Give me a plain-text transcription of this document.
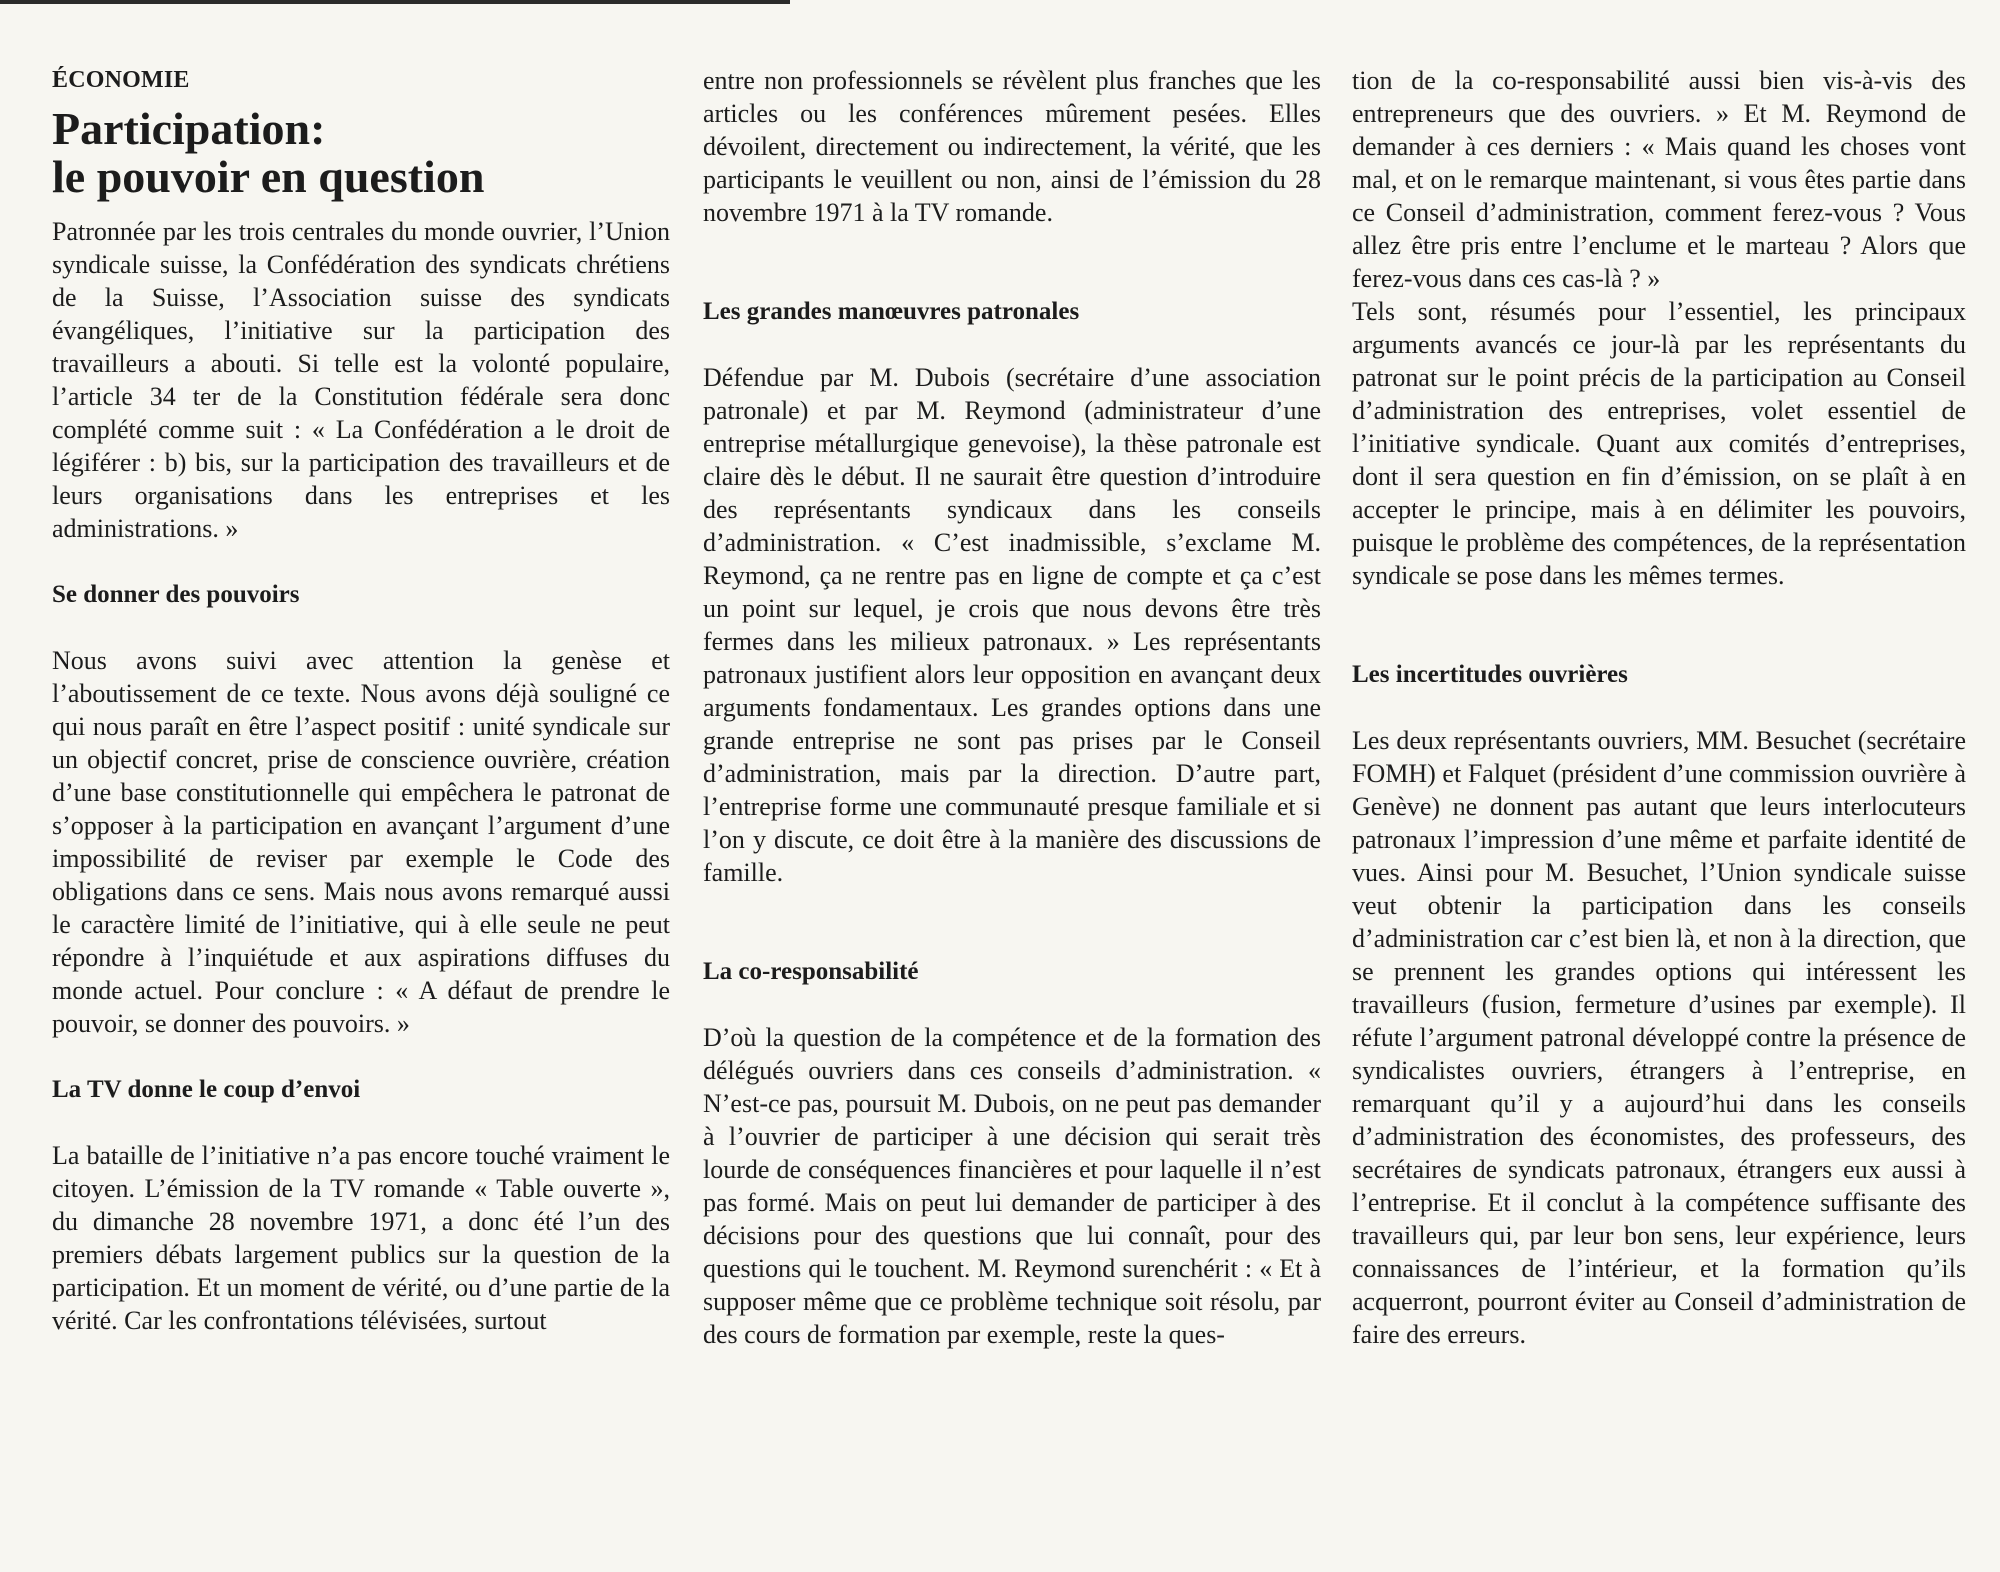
ÉCONOMIE

Participation:
le pouvoir en question

Patronnée par les trois centrales du monde ouvrier, l’Union syndicale suisse, la Confédération des syndicats chrétiens de la Suisse, l’Association suisse des syndicats évangéliques, l’initiative sur la participation des travailleurs a abouti. Si telle est la volonté populaire, l’article 34 ter de la Constitution fédérale sera donc complété comme suit : « La Confédération a le droit de légiférer : b) bis, sur la participation des travailleurs et de leurs organisations dans les entreprises et les administrations. »

Se donner des pouvoirs

Nous avons suivi avec attention la genèse et l’aboutissement de ce texte. Nous avons déjà souligné ce qui nous paraît en être l’aspect positif : unité syndicale sur un objectif concret, prise de conscience ouvrière, création d’une base constitutionnelle qui empêchera le patronat de s’opposer à la participation en avançant l’argument d’une impossibilité de reviser par exemple le Code des obligations dans ce sens. Mais nous avons remarqué aussi le caractère limité de l’initiative, qui à elle seule ne peut répondre à l’inquiétude et aux aspirations diffuses du monde actuel. Pour conclure : « A défaut de prendre le pouvoir, se donner des pouvoirs. »

La TV donne le coup d’envoi

La bataille de l’initiative n’a pas encore touché vraiment le citoyen. L’émission de la TV romande « Table ouverte », du dimanche 28 novembre 1971, a donc été l’un des premiers débats largement publics sur la question de la participation. Et un moment de vérité, ou d’une partie de la vérité. Car les confrontations télévisées, surtout

entre non professionnels se révèlent plus franches que les articles ou les conférences mûrement pesées. Elles dévoilent, directement ou indirectement, la vérité, que les participants le veuillent ou non, ainsi de l’émission du 28 novembre 1971 à la TV romande.

Les grandes manœuvres patronales

Défendue par M. Dubois (secrétaire d’une association patronale) et par M. Reymond (administrateur d’une entreprise métallurgique genevoise), la thèse patronale est claire dès le début. Il ne saurait être question d’introduire des représentants syndicaux dans les conseils d’administration. « C’est inadmissible, s’exclame M. Reymond, ça ne rentre pas en ligne de compte et ça c’est un point sur lequel, je crois que nous devons être très fermes dans les milieux patronaux. » Les représentants patronaux justifient alors leur opposition en avançant deux arguments fondamentaux. Les grandes options dans une grande entreprise ne sont pas prises par le Conseil d’administration, mais par la direction. D’autre part, l’entreprise forme une communauté presque familiale et si l’on y discute, ce doit être à la manière des discussions de famille.

La co-responsabilité

D’où la question de la compétence et de la formation des délégués ouvriers dans ces conseils d’administration. « N’est-ce pas, poursuit M. Dubois, on ne peut pas demander à l’ouvrier de participer à une décision qui serait très lourde de conséquences financières et pour laquelle il n’est pas formé. Mais on peut lui demander de participer à des décisions pour des questions que lui connaît, pour des questions qui le touchent. M. Reymond surenchérit : « Et à supposer même que ce problème technique soit résolu, par des cours de formation par exemple, reste la ques-

tion de la co-responsabilité aussi bien vis-à-vis des entrepreneurs que des ouvriers. » Et M. Reymond de demander à ces derniers : « Mais quand les choses vont mal, et on le remarque maintenant, si vous êtes partie dans ce Conseil d’administration, comment ferez-vous ? Vous allez être pris entre l’enclume et le marteau ? Alors que ferez-vous dans ces cas-là ? »

Tels sont, résumés pour l’essentiel, les principaux arguments avancés ce jour-là par les représentants du patronat sur le point précis de la participation au Conseil d’administration des entreprises, volet essentiel de l’initiative syndicale. Quant aux comités d’entreprises, dont il sera question en fin d’émission, on se plaît à en accepter le principe, mais à en délimiter les pouvoirs, puisque le problème des compétences, de la représentation syndicale se pose dans les mêmes termes.

Les incertitudes ouvrières

Les deux représentants ouvriers, MM. Besuchet (secrétaire FOMH) et Falquet (président d’une commission ouvrière à Genève) ne donnent pas autant que leurs interlocuteurs patronaux l’impression d’une même et parfaite identité de vues. Ainsi pour M. Besuchet, l’Union syndicale suisse veut obtenir la participation dans les conseils d’administration car c’est bien là, et non à la direction, que se prennent les grandes options qui intéressent les travailleurs (fusion, fermeture d’usines par exemple). Il réfute l’argument patronal développé contre la présence de syndicalistes ouvriers, étrangers à l’entreprise, en remarquant qu’il y a aujourd’hui dans les conseils d’administration des économistes, des professeurs, des secrétaires de syndicats patronaux, étrangers eux aussi à l’entreprise. Et il conclut à la compétence suffisante des travailleurs qui, par leur bon sens, leur expérience, leurs connaissances de l’intérieur, et la formation qu’ils acquerront, pourront éviter au Conseil d’administration de faire des erreurs.
